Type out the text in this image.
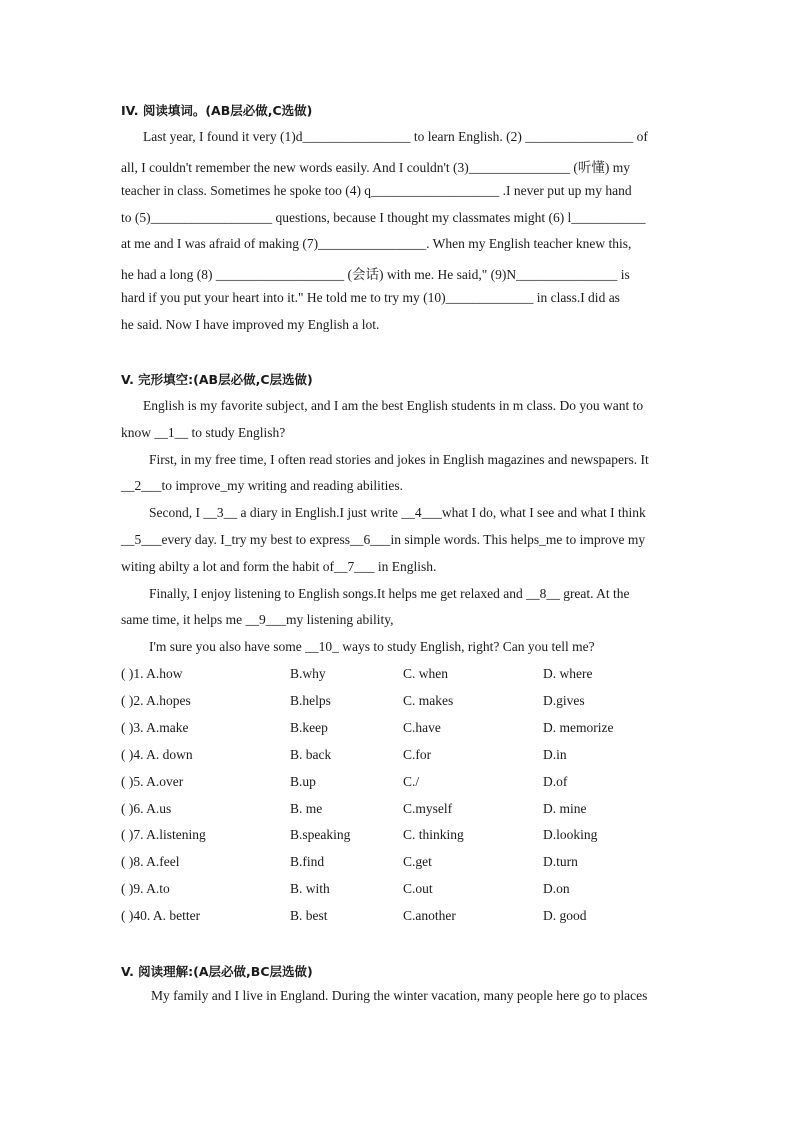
IV. 阅读填词。(AB层必做,C选做)
Last year, I found it very (1)d________________ to learn English. (2) ________________ of
all, I couldn't remember the new words easily. And I couldn't (3)_______________ (听懂) my
teacher in class. Sometimes he spoke too (4) q___________________ .I never put up my hand
to (5)__________________ questions, because I thought my classmates might (6) l___________
at me and I was afraid of making (7)________________. When my English teacher knew this,
he had a long (8) ___________________ (会话) with me. He said," (9)N_______________ is
hard if you put your heart into it." He told me to try my (10)_____________ in class.I did as
he said. Now I have improved my English a lot.
V. 完形填空:(AB层必做,C层选做)
English is my favorite subject, and I am the best English students in m class. Do you want to
know __1__ to study English?
First, in my free time, I often read stories and jokes in English magazines and newspapers. It
__2___to improve_my writing and reading abilities.
Second, I __3__ a diary in English.I just write __4___what I do, what I see and what I think
__5___every day. I_try my best to express__6___in simple words. This helps_me to improve my
witing abilty a lot and form the habit of__7___ in English.
Finally, I enjoy listening to English songs.It helps me get relaxed and __8__ great. At the
same time, it helps me __9___my listening ability,
I'm sure you also have some __10_ ways to study English, right? Can you tell me?
( )1. A.how	B.why	C. when	D. where
( )2. A.hopes	B.helps	C. makes	D.gives
( )3. A.make	B.keep	C.have	D. memorize
( )4. A. down	B. back	C.for	D.in
( )5. A.over	B.up	C./	D.of
( )6. A.us	B. me	C.myself	D. mine
( )7. A.listening	B.speaking	C. thinking	D.looking
( )8. A.feel	B.find	C.get	D.turn
( )9. A.to	B. with	C.out	D.on
( )40. A. better	B. best	C.another	D. good
V. 阅读理解:(A层必做,BC层选做)
My family and I live in England. During the winter vacation, many people here go to places
